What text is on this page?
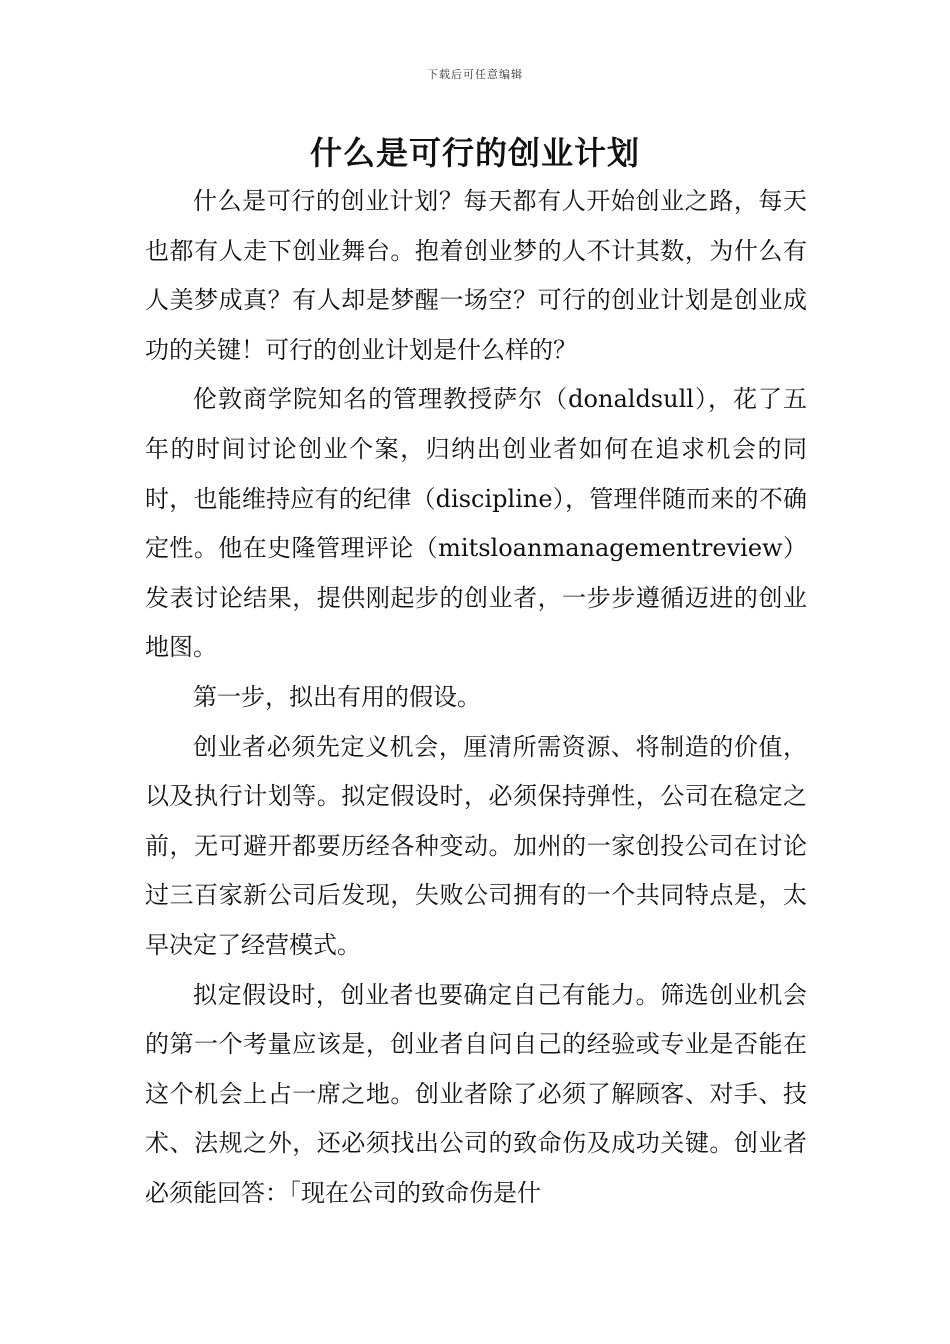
下载后可任意编辑
什么是可行的创业计划

什么是可行的创业计划？每天都有人开始创业之路，每天也都有人走下创业舞台。抱着创业梦的人不计其数，为什么有人美梦成真？有人却是梦醒一场空？可行的创业计划是创业成功的关键！可行的创业计划是什么样的？

伦敦商学院知名的管理教授萨尔（donaldsull），花了五年的时间讨论创业个案，归纳出创业者如何在追求机会的同时，也能维持应有的纪律（discipline），管理伴随而来的不确定性。他在史隆管理评论（mitsloanmanagementreview）发表讨论结果，提供刚起步的创业者，一步步遵循迈进的创业地图。

第一步，拟出有用的假设。

创业者必须先定义机会，厘清所需资源、将制造的价值，以及执行计划等。拟定假设时，必须保持弹性，公司在稳定之前，无可避开都要历经各种变动。加州的一家创投公司在讨论过三百家新公司后发现，失败公司拥有的一个共同特点是，太早决定了经营模式。

拟定假设时，创业者也要确定自己有能力。筛选创业机会的第一个考量应该是，创业者自问自己的经验或专业是否能在这个机会上占一席之地。创业者除了必须了解顾客、对手、技术、法规之外，还必须找出公司的致命伤及成功关键。创业者必须能回答：「现在公司的致命伤是什
